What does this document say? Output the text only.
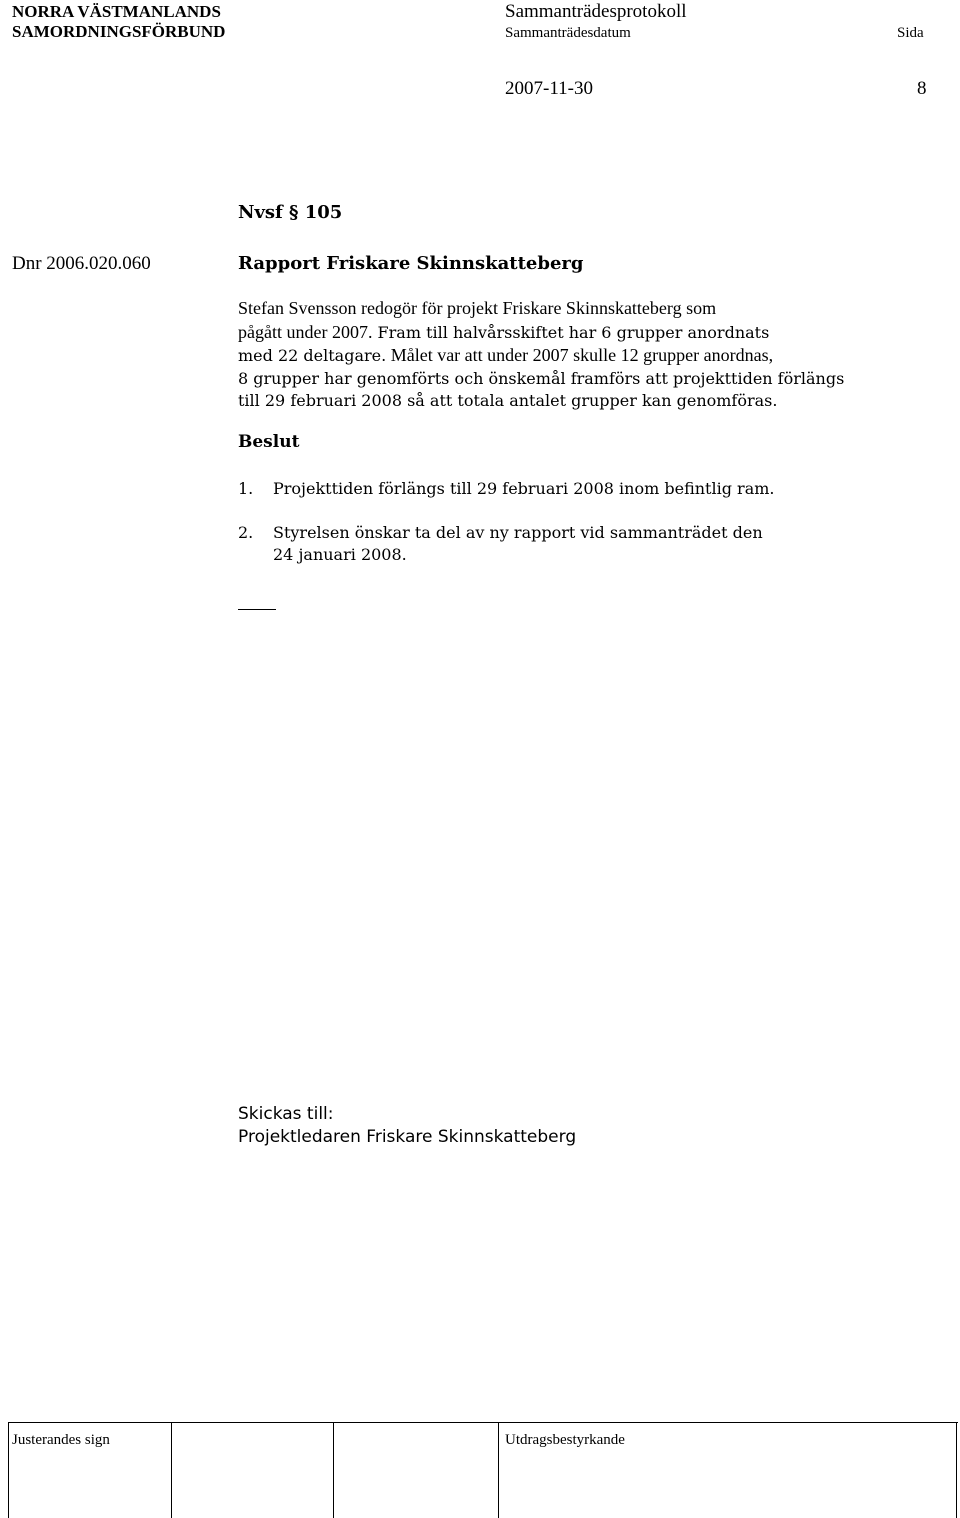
NORRA VÄSTMANLANDS
SAMORDNINGSFÖRBUND
Sammanträdesprotokoll
Sammanträdesdatum	Sida
2007-11-30	8
Nvsf § 105
Dnr 2006.020.060	Rapport Friskare Skinnskatteberg
Stefan Svensson redogör för projekt Friskare Skinnskatteberg som
pågått under 2007. Fram till halvårsskiftet har 6 grupper anordnats
med 22 deltagare. Målet var att under 2007 skulle 12 grupper anordnas,
8 grupper har genomförts och önskemål framförs att projekttiden förlängs
till 29 februari 2008 så att totala antalet grupper kan genomföras.
Beslut
1. Projekttiden förlängs till 29 februari 2008 inom befintlig ram.
2. Styrelsen önskar ta del av ny rapport vid sammanträdet den
24 januari 2008.
Skickas till:
Projektledaren Friskare Skinnskatteberg
Justerandes sign	Utdragsbestyrkande
